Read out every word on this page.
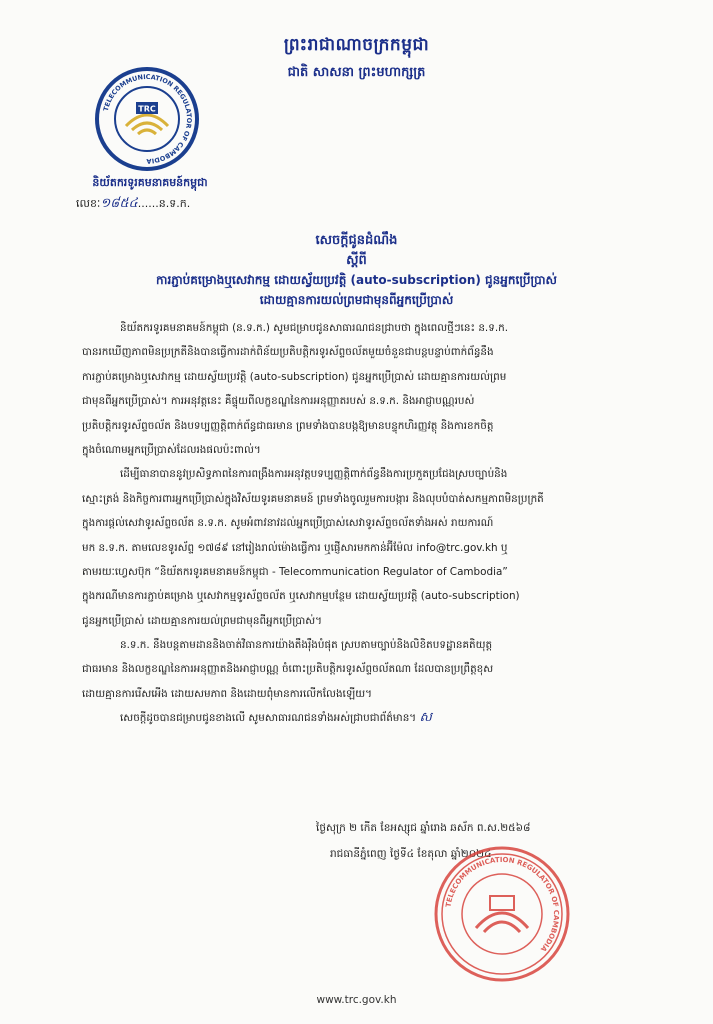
ព្រះរាជាណាចក្រកម្ពុជា
ជាតិ សាសនា ព្រះមហាក្សត្រ
TELECOMMUNICATION REGULATOR OF CAMBODIA
TRC
និយ័តករទូរគមនាគមន៍កម្ពុជា
លេខៈ១៨៥៤......ន.ទ.ក.
សេចក្ដីជូនដំណឹង
ស្ដីពី
ការភ្ជាប់គម្រោងឬសេវាកម្ម ដោយស្វ័យប្រវត្តិ (auto-subscription) ជូនអ្នកប្រើប្រាស់
ដោយគ្មានការយល់ព្រមជាមុនពីអ្នកប្រើប្រាស់
និយ័តករទូរគមនាគមន៍កម្ពុជា (ន.ទ.ក.) សូមជម្រាបជូនសាធារណជនជ្រាបថា ក្នុងពេលថ្មីៗនេះ ន.ទ.ក.
បានរកឃើញភាពមិនប្រក្រតីនិងបានធ្វើការដាក់ពិន័យប្រតិបត្តិករទូរស័ព្ទចល័តមួយចំនួនជាបន្តបន្ទាប់ពាក់ព័ន្ធនឹង
ការភ្ជាប់គម្រោងឬសេវាកម្ម ដោយស្វ័យប្រវត្តិ (auto-subscription) ជូនអ្នកប្រើប្រាស់ ដោយគ្មានការយល់ព្រម
ជាមុនពីអ្នកប្រើប្រាស់។ ការអនុវត្តនេះ គឺផ្ទុយពីលក្ខខណ្ឌនៃការអនុញ្ញាតរបស់ ន.ទ.ក. និងអាជ្ញាបណ្ណរបស់
ប្រតិបត្តិករទូរស័ព្ទចល័ត និងបទប្បញ្ញត្តិពាក់ព័ន្ធជាធរមាន ព្រមទាំងបានបង្កឱ្យមានបន្ទុកហិរញ្ញវត្ថុ និងការខកចិត្ត
ក្នុងចំណោមអ្នកប្រើប្រាស់ដែលរងផលប៉ះពាល់។
ដើម្បីធានាបាននូវប្រសិទ្ធភាពនៃការពង្រឹងការអនុវត្តបទប្បញ្ញត្តិពាក់ព័ន្ធនឹងការប្រកួតប្រជែងស្របច្បាប់និង
ស្មោះត្រង់ និងកិច្ចការពារអ្នកប្រើប្រាស់ក្នុងវិស័យទូរគមនាគមន៍ ព្រមទាំងចូលរួមការបង្ការ និងលុបបំបាត់សកម្មភាពមិនប្រក្រតី
ក្នុងការផ្ដល់សេវាទូរស័ព្ទចល័ត ន.ទ.ក. សូមអំពាវនាវដល់អ្នកប្រើប្រាស់សេវាទូរស័ព្ទចល័តទាំងអស់ រាយការណ៍
មក ន.ទ.ក. តាមលេខទូរស័ព្ទ ១៧៨៩ នៅរៀងរាល់ម៉ោងធ្វើការ ឬផ្ញើសារមកកាន់អ៊ីម៉ែល info@trc.gov.kh ឬ
តាមរយៈហ្វេសប៊ុក “និយ័តករទូរគមនាគមន៍កម្ពុជា - Telecommunication Regulator of Cambodia”
ក្នុងករណីមានការភ្ជាប់គម្រោង ឬសេវាកម្មទូរស័ព្ទចល័ត ឬសេវាកម្មបន្ថែម ដោយស្វ័យប្រវត្តិ (auto-subscription)
ជូនអ្នកប្រើប្រាស់ ដោយគ្មានការយល់ព្រមជាមុនពីអ្នកប្រើប្រាស់។
ន.ទ.ក. នឹងបន្តតាមដាននិងចាត់វិធានការយ៉ាងតឹងរ៉ឹងបំផុត ស្របតាមច្បាប់និងលិខិតបទដ្ឋានគតិយុត្ត
ជាធរមាន និងលក្ខខណ្ឌនៃការអនុញ្ញាតនិងអាជ្ញាបណ្ណ ចំពោះប្រតិបត្តិករទូរស័ព្ទចល័តណា ដែលបានប្រព្រឹត្តខុស
ដោយគ្មានការរើសអើង ដោយសមភាព និងដោយពុំមានការលើកលែងឡើយ។
សេចក្ដីដូចបានជម្រាបជូនខាងលើ សូមសាធារណជនទាំងអស់ជ្រាបជាព័ត៌មាន។ ស
ថ្ងៃសុក្រ ២ កើត ខែអស្សុជ ឆ្នាំរោង ឆស័ក ព.ស.២៥៦៨
រាជធានីភ្នំពេញ ថ្ងៃទី៤ ខែតុលា ឆ្នាំ២០២៤
TELECOMMUNICATION REGULATOR OF CAMBODIA
www.trc.gov.kh
